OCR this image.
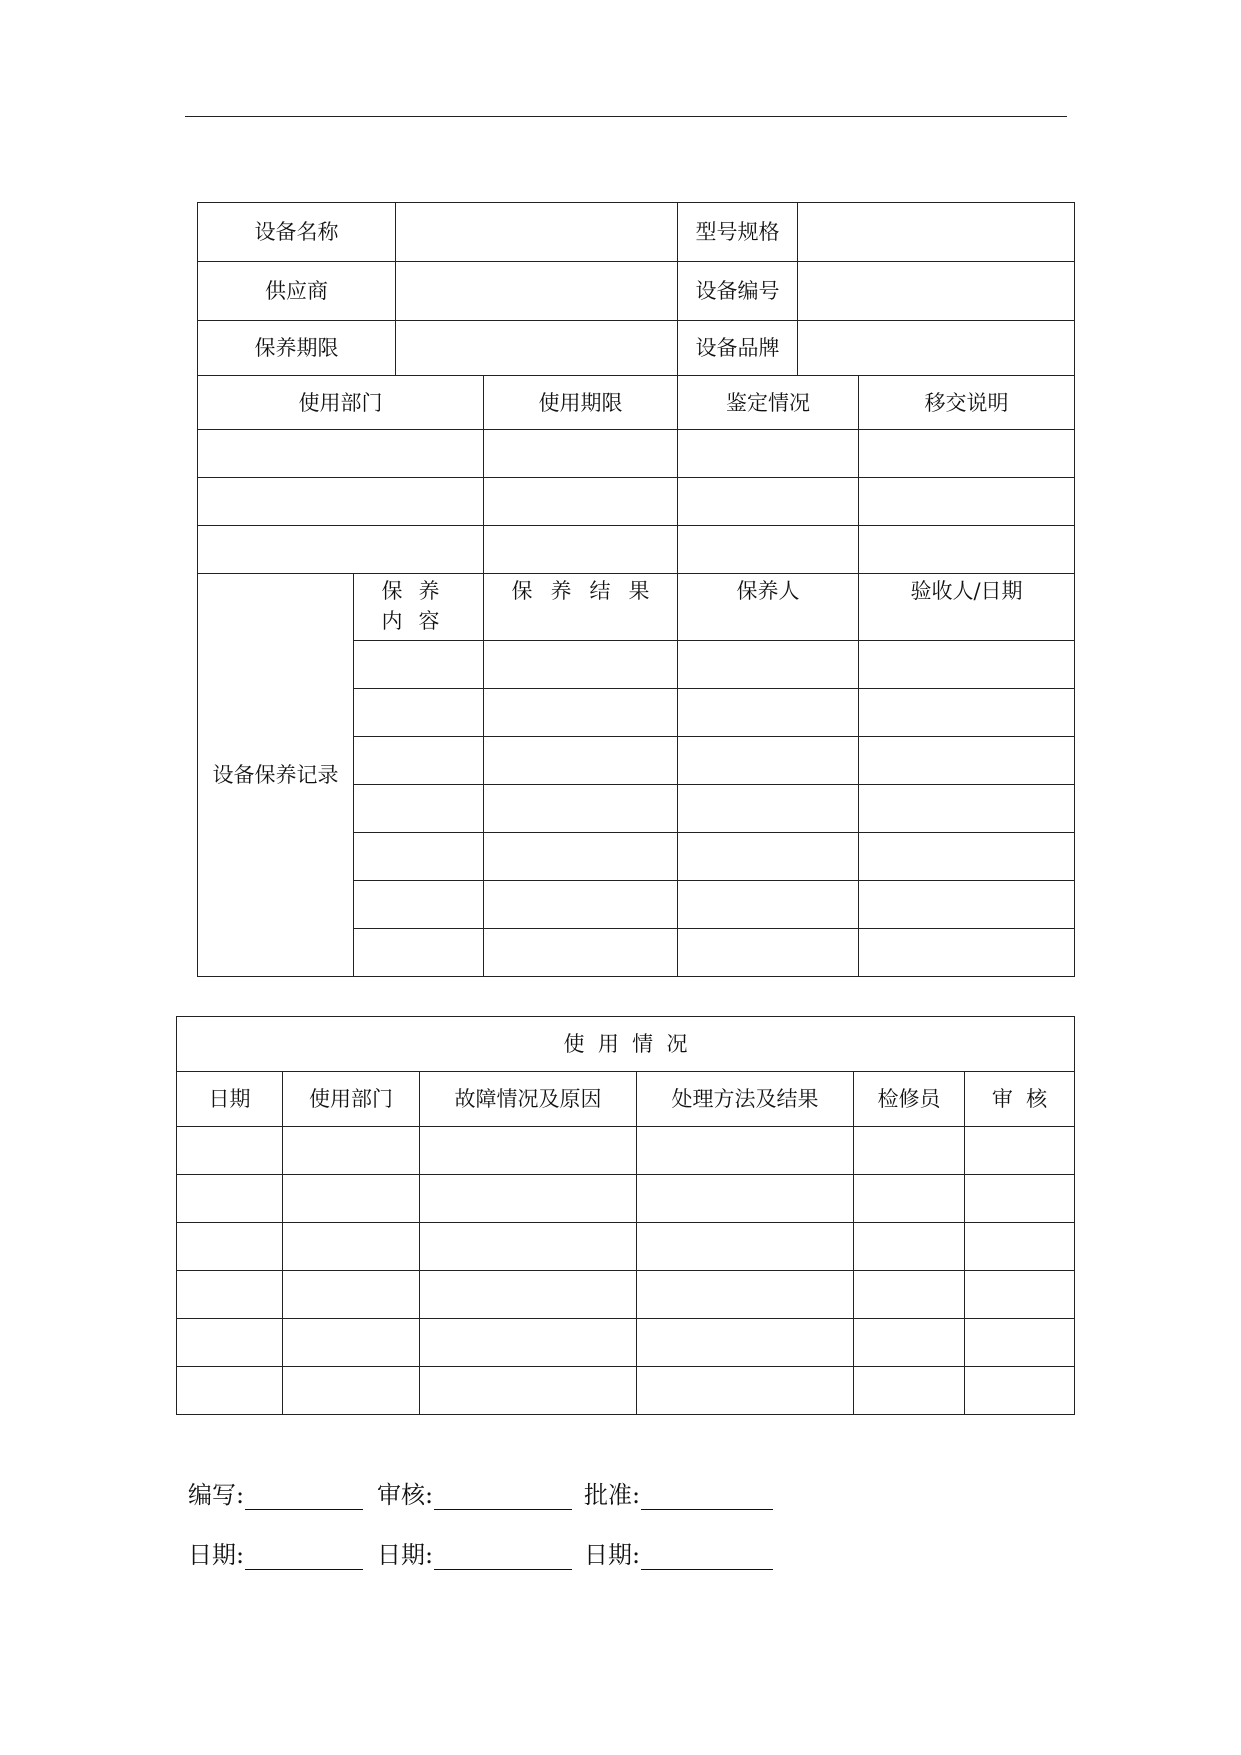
设备名称				型号规格		
供应商				设备编号		
保养期限				设备品牌		
使用部门			使用期限	鉴定情况		移交说明

设备保养记录	保养内容		保养结果	保养人		验收人/日期

使  用  情  况					
日期	使用部门	故障情况及原因	处理方法及结果	检修员	审  核

编写:	审核:	批准:
日期:	日期:	日期:
